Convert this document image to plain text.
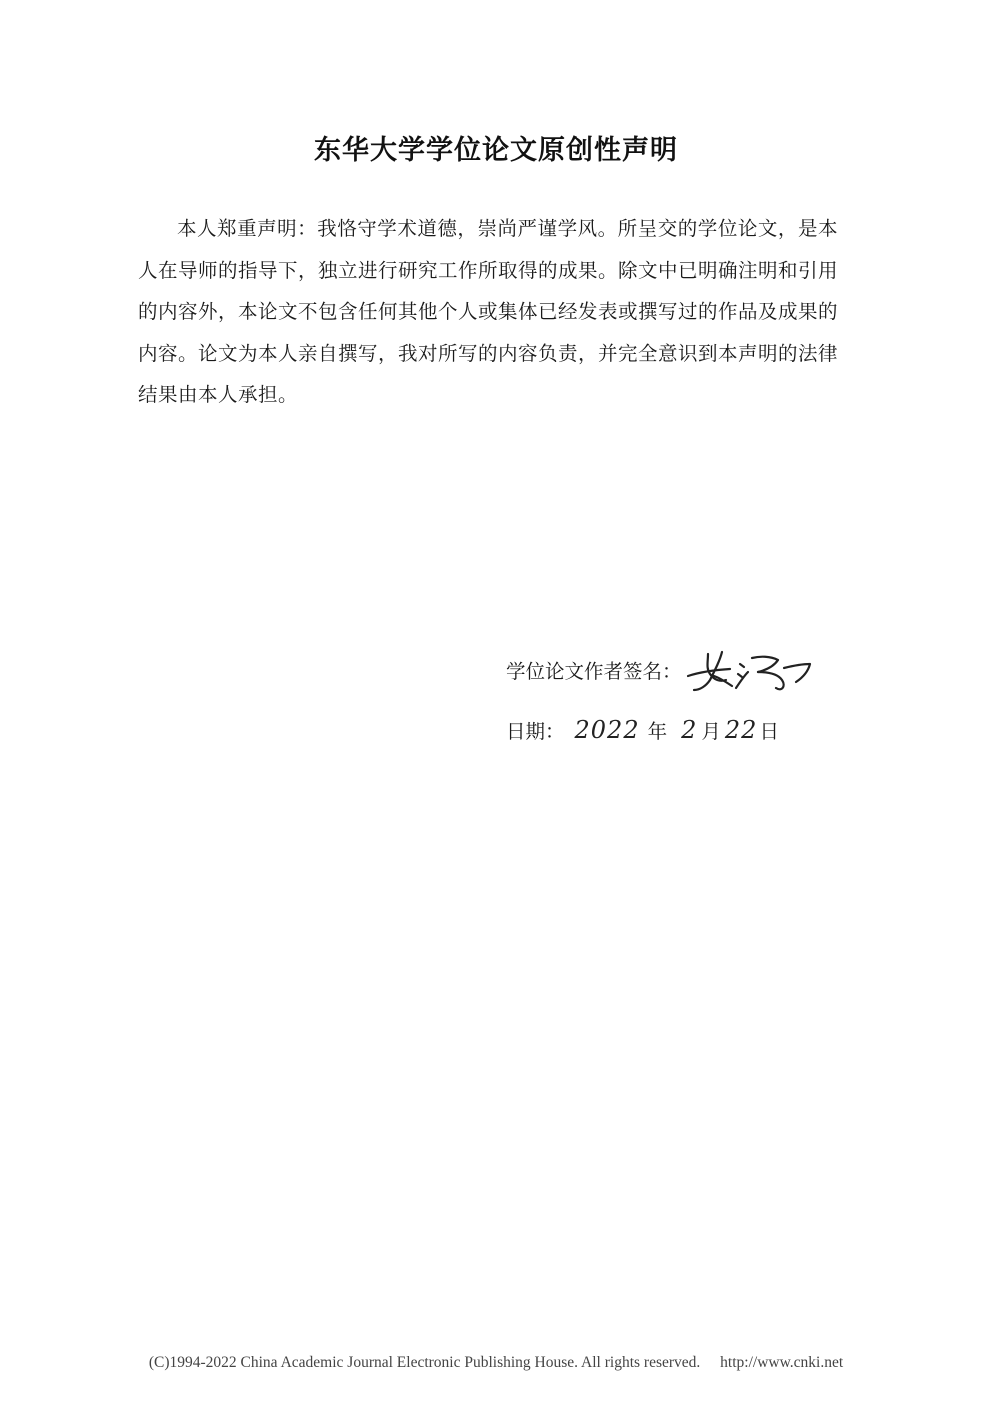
东华大学学位论文原创性声明

本人郑重声明：我恪守学术道德，崇尚严谨学风。所呈交的学位论文，是本人在导师的指导下，独立进行研究工作所取得的成果。除文中已明确注明和引用的内容外，本论文不包含任何其他个人或集体已经发表或撰写过的作品及成果的内容。论文为本人亲自撰写，我对所写的内容负责，并完全意识到本声明的法律结果由本人承担。

学位论文作者签名：
日期： 2022 年 2 月 22 日
(C)1994-2022 China Academic Journal Electronic Publishing House. All rights reserved. http://www.cnki.net
